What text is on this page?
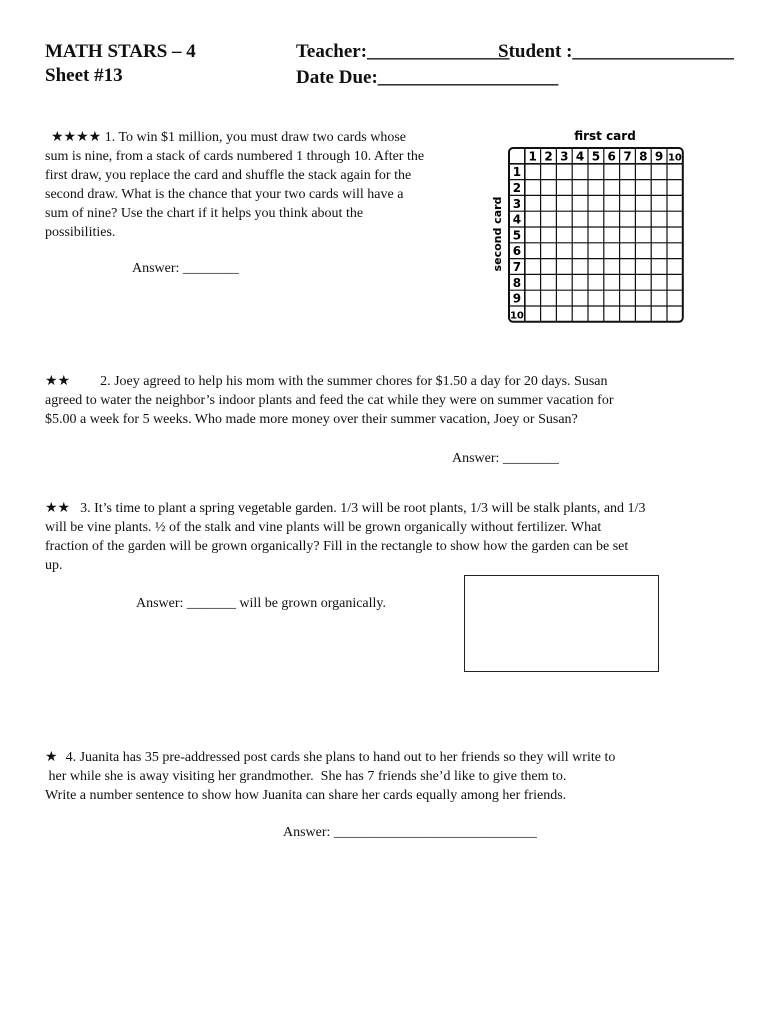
MATH STARS – 4
Sheet #13
Teacher:_______________
Student :_________________
Date Due:___________________
★★★★ 1. To win $1 million, you must draw two cards whose
sum is nine, from a stack of cards numbered 1 through 10. After the
first draw, you replace the card and shuffle the stack again for the
second draw. What is the chance that your two cards will have a
sum of nine? Use the chart if it helps you think about the
possibilities.
Answer: ________
first card
second card
1 2 3 4 5 6 7 8 9 10
1
2
3
4
5
6
7
8
9
10
★★ 2. Joey agreed to help his mom with the summer chores for $1.50 a day for 20 days. Susan
agreed to water the neighbor’s indoor plants and feed the cat while they were on summer vacation for
$5.00 a week for 5 weeks. Who made more money over their summer vacation, Joey or Susan?
Answer: ________
★★ 3. It’s time to plant a spring vegetable garden. 1/3 will be root plants, 1/3 will be stalk plants, and 1/3
will be vine plants. ½ of the stalk and vine plants will be grown organically without fertilizer. What
fraction of the garden will be grown organically? Fill in the rectangle to show how the garden can be set
up.
Answer: _______ will be grown organically.
★ 4. Juanita has 35 pre-addressed post cards she plans to hand out to her friends so they will write to
her while she is away visiting her grandmother.  She has 7 friends she’d like to give them to.
Write a number sentence to show how Juanita can share her cards equally among her friends.
Answer: _____________________________
